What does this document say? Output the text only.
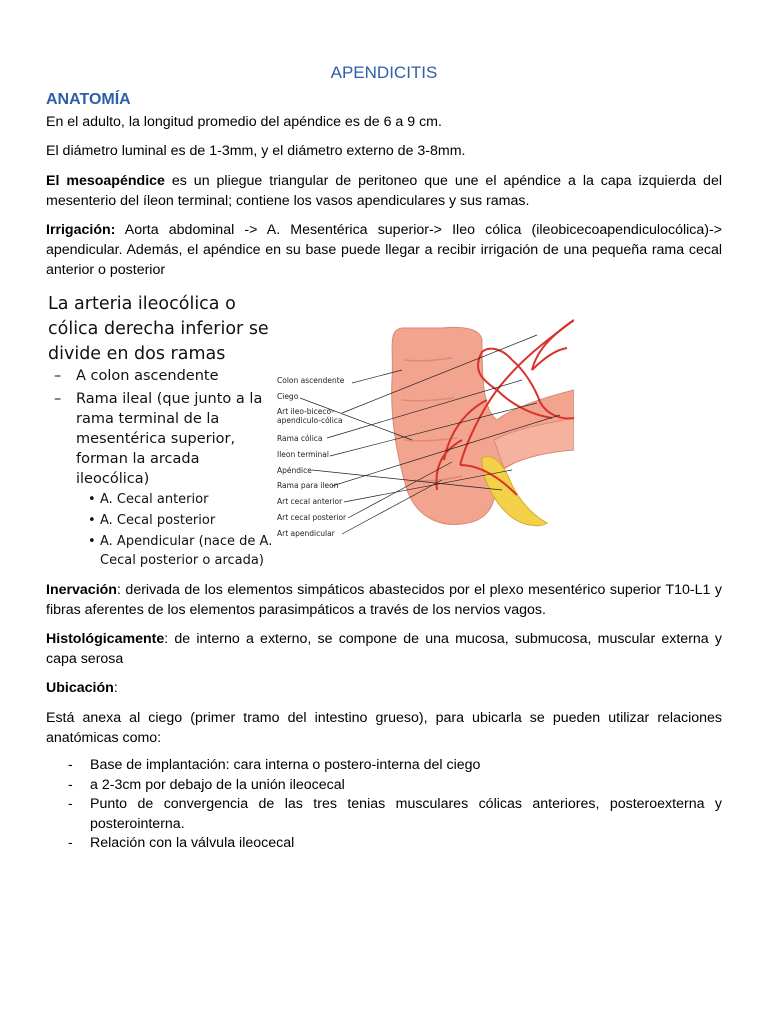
APENDICITIS
ANATOMÍA
En el adulto, la longitud promedio del apéndice es de 6 a 9 cm.
El diámetro luminal es de 1-3mm, y el diámetro externo de 3-8mm.
El mesoapéndice es un pliegue triangular de peritoneo que une el apéndice a la capa izquierda del mesenterio del íleon terminal; contiene los vasos apendiculares y sus ramas.
Irrigación: Aorta abdominal -> A. Mesentérica superior-> Ileo cólica (ileobicecoapendiculocólica)-> apendicular. Además, el apéndice en su base puede llegar a recibir irrigación de una pequeña rama cecal anterior o posterior
La arteria ileocólica o cólica derecha inferior se divide en dos ramas
– A colon ascendente
– Rama ileal (que junto a la rama terminal de la mesentérica superior, forman la arcada ileocólica)
• A. Cecal anterior
• A. Cecal posterior
• A. Apendicular (nace de A. Cecal posterior o arcada)
Colon ascendente
Ciego
Art ileo-biceco-apendiculo-cólica
Rama cólica
Ileon terminal
Apéndice
Rama para ileon
Art cecal anterior
Art cecal posterior
Art apendicular
Inervación: derivada de los elementos simpáticos abastecidos por el plexo mesentérico superior T10-L1 y fibras aferentes de los elementos parasimpáticos a través de los nervios vagos.
Histológicamente: de interno a externo, se compone de una mucosa, submucosa, muscular externa y capa serosa
Ubicación:
Está anexa al ciego (primer tramo del intestino grueso), para ubicarla se pueden utilizar relaciones anatómicas como:
- Base de implantación: cara interna o postero-interna del ciego
- a 2-3cm por debajo de la unión ileocecal
- Punto de convergencia de las tres tenias musculares cólicas anteriores, posteroexterna y posterointerna.
- Relación con la válvula ileocecal
